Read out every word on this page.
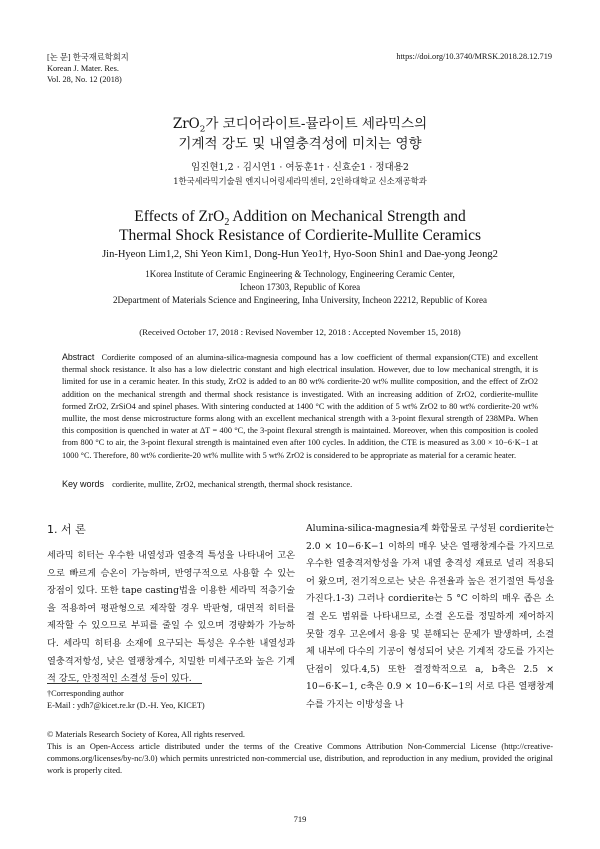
[논 문] 한국재료학회지
Korean J. Mater. Res.
Vol. 28, No. 12 (2018)
https://doi.org/10.3740/MRSK.2018.28.12.719
ZrO$_2$가 코디어라이트-뮬라이트 세라믹스의
기계적 강도 및 내열충격성에 미치는 영향
임진현1,2 · 김시연1 · 여동훈1† · 신효순1 · 정대용2
1한국세라믹기술원 엔지니어링세라믹센터, 2인하대학교 신소재공학과
Effects of ZrO$_2$ Addition on Mechanical Strength and
Thermal Shock Resistance of Cordierite-Mullite Ceramics
Jin-Hyeon Lim1,2, Shi Yeon Kim1, Dong-Hun Yeo1†, Hyo-Soon Shin1 and Dae-yong Jeong2
1Korea Institute of Ceramic Engineering & Technology, Engineering Ceramic Center,
Icheon 17303, Republic of Korea
2Department of Materials Science and Engineering, Inha University, Incheon 22212, Republic of Korea
(Received October 17, 2018 : Revised November 12, 2018 : Accepted November 15, 2018)
Abstract Cordierite composed of an alumina-silica-magnesia compound has a low coefficient of thermal expansion(CTE) and excellent thermal shock resistance. It also has a low dielectric constant and high electrical insulation. However, due to low mechanical strength, it is limited for use in a ceramic heater. In this study, ZrO2 is added to an 80 wt% cordierite-20 wt% mullite composition, and the effect of ZrO2 addition on the mechanical strength and thermal shock resistance is investigated. With an increasing addition of ZrO2, cordierite-mullite formed ZrO2, ZrSiO4 and spinel phases. With sintering conducted at 1400 °C with the addition of 5 wt% ZrO2 to 80 wt% cordierite-20 wt% mullite, the most dense microstructure forms along with an excellent mechanical strength with a 3-point flexural strength of 238MPa. When this composition is quenched in water at ΔT = 400 °C, the 3-point flexural strength is maintained. Moreover, when this composition is cooled from 800 °C to air, the 3-point flexural strength is maintained even after 100 cycles. In addition, the CTE is measured as 3.00 × 10−6·K−1 at 1000 °C. Therefore, 80 wt% cordierite-20 wt% mullite with 5 wt% ZrO2 is considered to be appropriate as material for a ceramic heater.
Key words cordierite, mullite, ZrO2, mechanical strength, thermal shock resistance.
1. 서 론
세라믹 히터는 우수한 내열성과 열충격 특성을 나타내어 고온으로 빠르게 승온이 가능하며, 반영구적으로 사용할 수 있는 장점이 있다. 또한 tape casting법을 이용한 세라믹 적층기술을 적용하여 평판형으로 제작할 경우 박판형, 대면적 히터를 제작할 수 있으므로 부피를 줄일 수 있으며 경량화가 가능하다. 세라믹 히터용 소재에 요구되는 특성은 우수한 내열성과 열충격저항성, 낮은 열팽창계수, 치밀한 미세구조와 높은 기계적 강도, 안정적인 소결성 등이 있다.
Alumina-silica-magnesia계 화합물로 구성된 cordierite는 2.0 × 10−6·K−1 이하의 매우 낮은 열팽창계수를 가지므로 우수한 열충격저항성을 가져 내열 충격성 재료로 널리 적용되어 왔으며, 전기적으로는 낮은 유전율과 높은 전기절연 특성을 가진다.1-3) 그러나 cordierite는 5 °C 이하의 매우 좁은 소결 온도 범위를 나타내므로, 소결 온도를 정밀하게 제어하지 못할 경우 고온에서 용융 및 분해되는 문제가 발생하며, 소결체 내부에 다수의 기공이 형성되어 낮은 기계적 강도를 가지는 단점이 있다.4,5) 또한 결정학적으로 a, b축은 2.5 × 10−6·K−1, c축은 0.9 × 10−6·K−1의 서로 다른 열팽창계수를 가지는 이방성을 나
†Corresponding author
E-Mail : ydh7@kicet.re.kr (D.-H. Yeo, KICET)
© Materials Research Society of Korea, All rights reserved.
This is an Open-Access article distributed under the terms of the Creative Commons Attribution Non-Commercial License (http://creative-commons.org/licenses/by-nc/3.0) which permits unrestricted non-commercial use, distribution, and reproduction in any medium, provided the original work is properly cited.
719
